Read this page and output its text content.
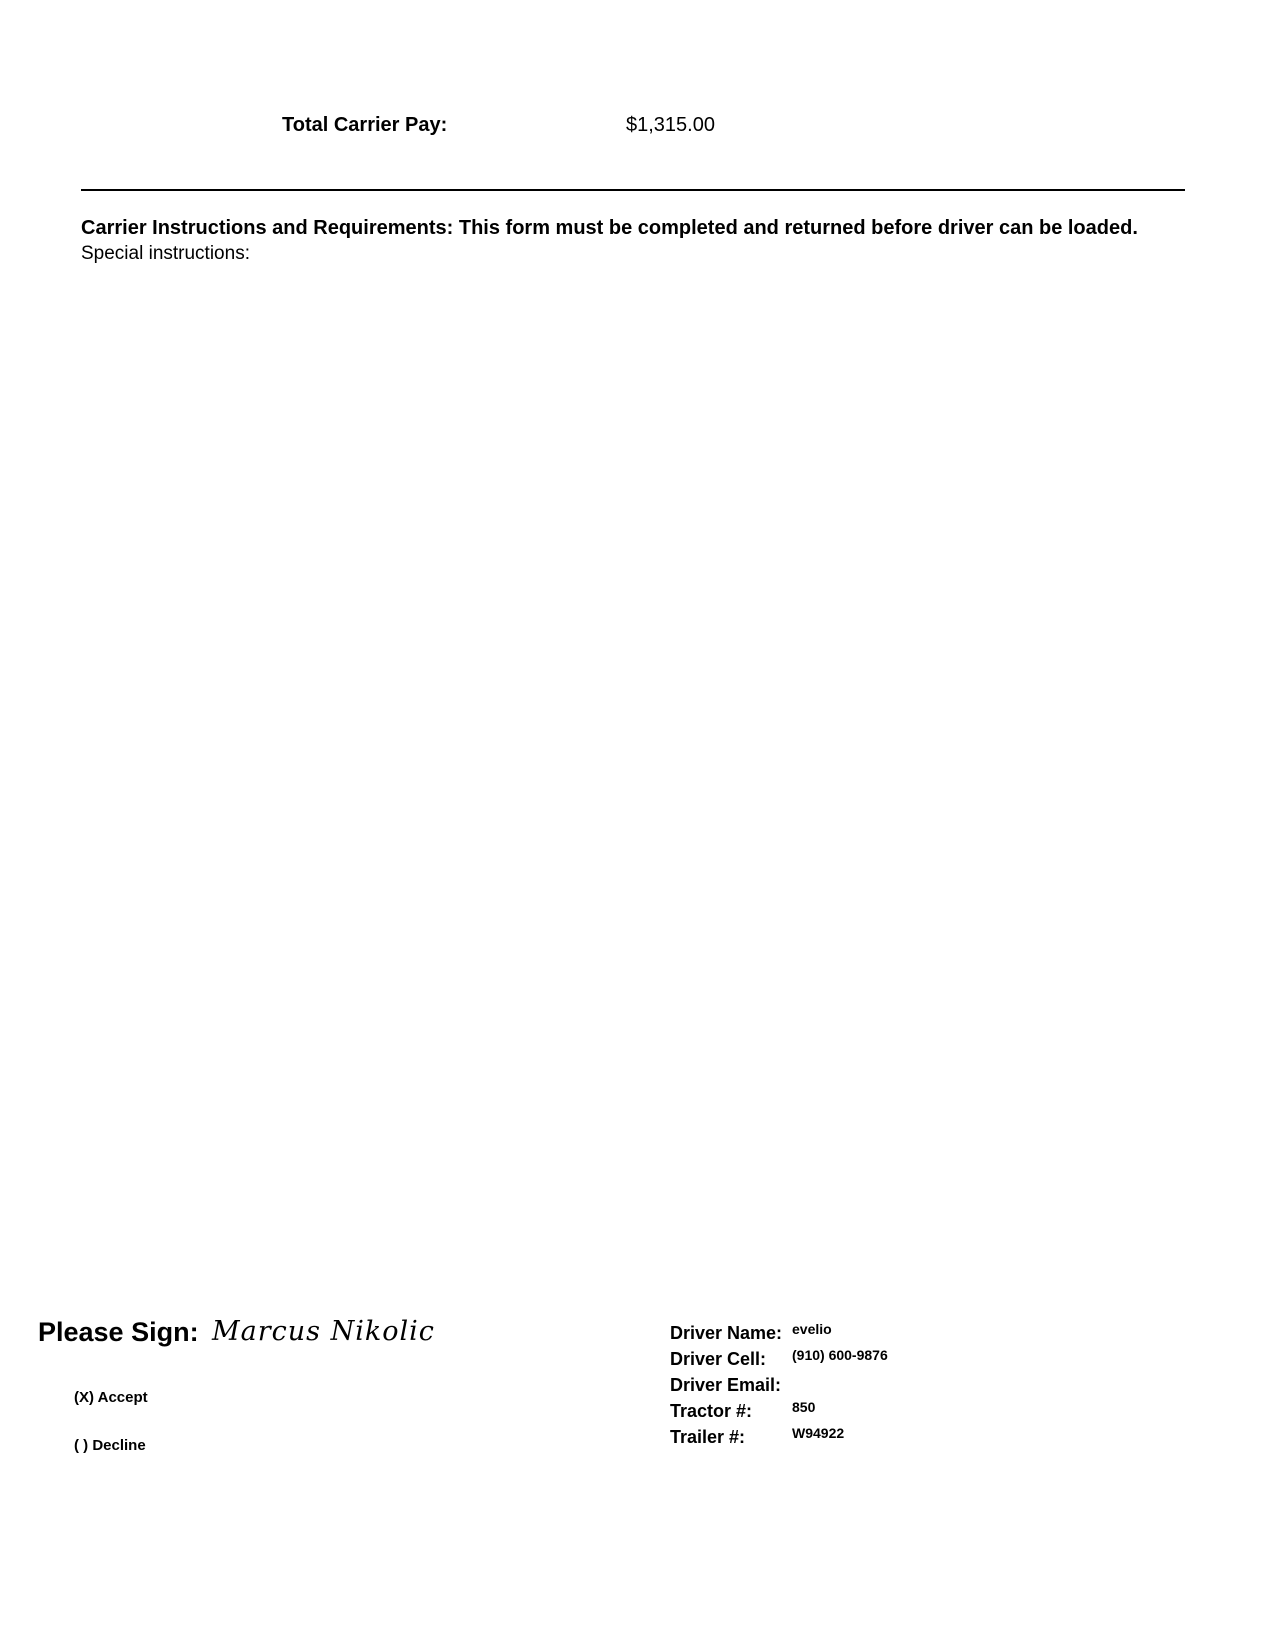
Total Carrier Pay:	$1,315.00
Carrier Instructions and Requirements: This form must be completed and returned before driver can be loaded.
Special instructions:
Please Sign: Marcus Nikolic
(X) Accept
( ) Decline
Driver Name: evelio
Driver Cell: (910) 600-9876
Driver Email:
Tractor #:	850
Trailer #:	W94922
